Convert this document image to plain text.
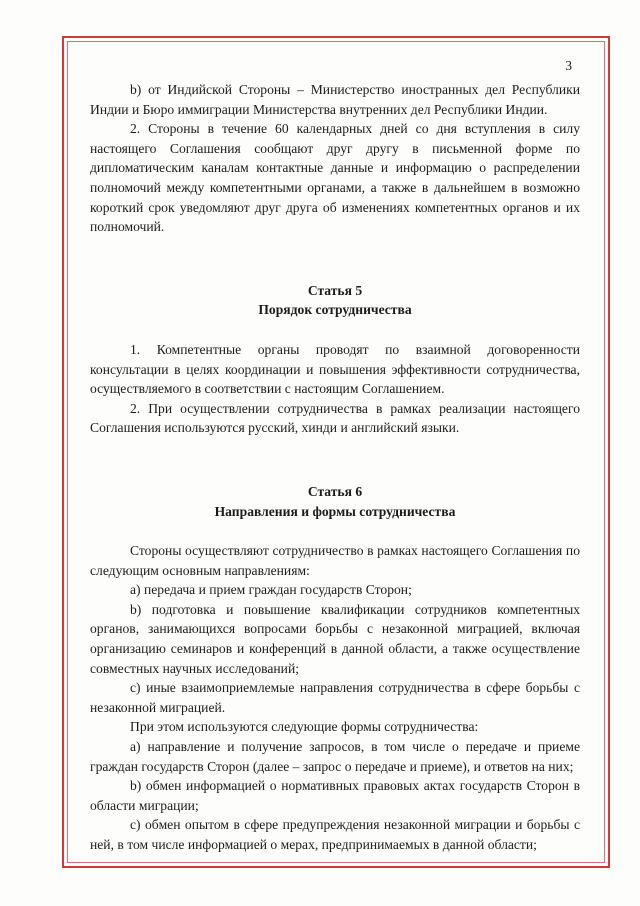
3

b) от Индийской Стороны – Министерство иностранных дел Республики Индии и Бюро иммиграции Министерства внутренних дел Республики Индии.

2. Стороны в течение 60 календарных дней со дня вступления в силу настоящего Соглашения сообщают друг другу в письменной форме по дипломатическим каналам контактные данные и информацию о распределении полномочий между компетентными органами, а также в дальнейшем в возможно короткий срок уведомляют друг друга об изменениях компетентных органов и их полномочий.

Статья 5
Порядок сотрудничества

1. Компетентные органы проводят по взаимной договоренности консультации в целях координации и повышения эффективности сотрудничества, осуществляемого в соответствии с настоящим Соглашением.

2. При осуществлении сотрудничества в рамках реализации настоящего Соглашения используются русский, хинди и английский языки.

Статья 6
Направления и формы сотрудничества

Стороны осуществляют сотрудничество в рамках настоящего Соглашения по следующим основным направлениям:

а) передача и прием граждан государств Сторон;

b) подготовка и повышение квалификации сотрудников компетентных органов, занимающихся вопросами борьбы с незаконной миграцией, включая организацию семинаров и конференций в данной области, а также осуществление совместных научных исследований;

c) иные взаимоприемлемые направления сотрудничества в сфере борьбы с незаконной миграцией.

При этом используются следующие формы сотрудничества:

а) направление и получение запросов, в том числе о передаче и приеме граждан государств Сторон (далее – запрос о передаче и приеме), и ответов на них;

b) обмен информацией о нормативных правовых актах государств Сторон в области миграции;

c) обмен опытом в сфере предупреждения незаконной миграции и борьбы с ней, в том числе информацией о мерах, предпринимаемых в данной области;
